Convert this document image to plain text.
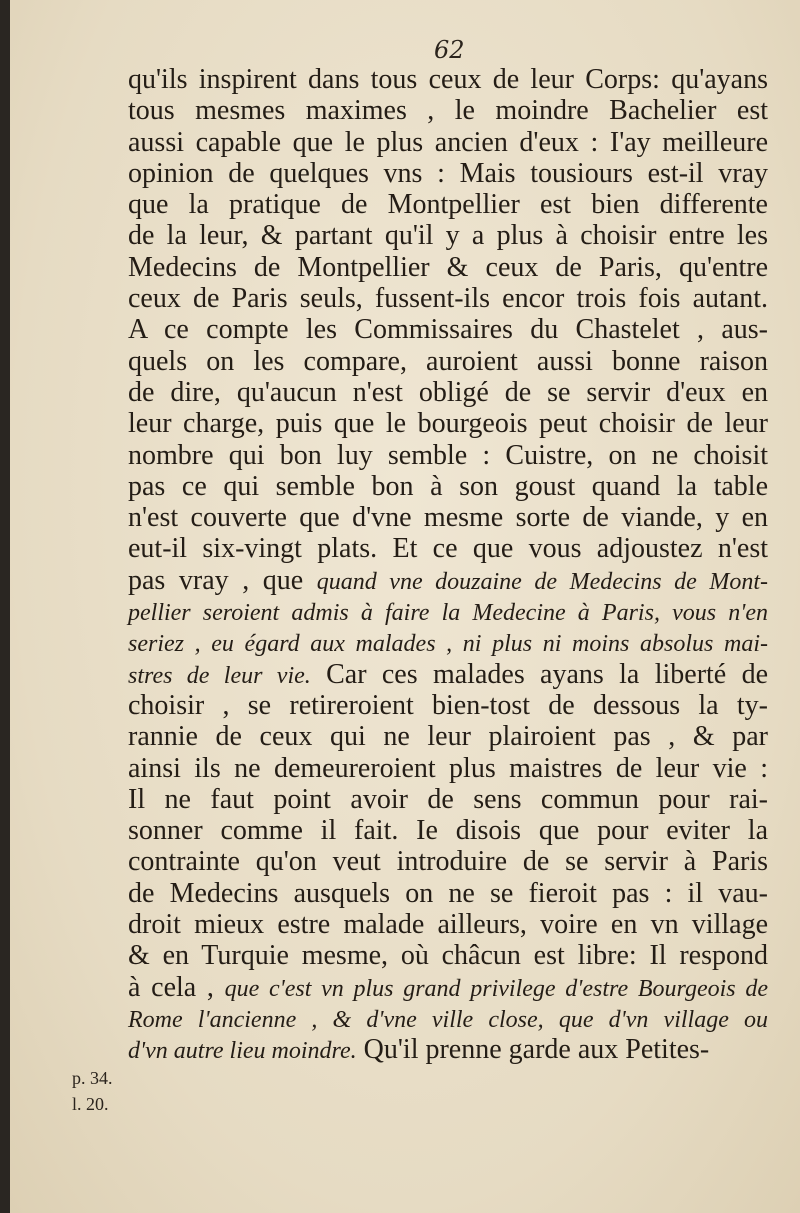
62
qu'ils inspirent dans tous ceux de leur Corps: qu'ayans
tous mesmes maximes , le moindre Bachelier est
aussi capable que le plus ancien d'eux : I'ay meilleure
opinion de quelques vns : Mais tousiours est-il vray
que la pratique de Montpellier est bien differente
de la leur, & partant qu'il y a plus à choisir entre les
Medecins de Montpellier & ceux de Paris, qu'entre
ceux de Paris seuls, fussent-ils encor trois fois autant.
A ce compte les Commissaires du Chastelet , aus-
quels on les compare, auroient aussi bonne raison
de dire, qu'aucun n'est obligé de se servir d'eux en
leur charge, puis que le bourgeois peut choisir de leur
nombre qui bon luy semble : Cuistre, on ne choisit
pas ce qui semble bon à son goust quand la table
n'est couverte que d'vne mesme sorte de viande, y en
eut-il six-vingt plats. Et ce que vous adjoustez n'est
pas vray , que quand vne douzaine de Medecins de Mont-
pellier seroient admis à faire la Medecine à Paris, vous n'en
seriez , eu égard aux malades , ni plus ni moins absolus mai-
stres de leur vie. Car ces malades ayans la liberté de
choisir , se retireroient bien-tost de dessous la ty-
rannie de ceux qui ne leur plairoient pas , & par
ainsi ils ne demeureroient plus maistres de leur vie :
Il ne faut point avoir de sens commun pour rai-
sonner comme il fait. Ie disois que pour eviter la
contrainte qu'on veut introduire de se servir à Paris
de Medecins ausquels on ne se fieroit pas : il vau-
droit mieux estre malade ailleurs, voire en vn village
& en Turquie mesme, où châcun est libre: Il respond
à cela , que c'est vn plus grand privilege d'estre Bourgeois de
Rome l'ancienne , & d'vne ville close, que d'vn village ou
d'vn autre lieu moindre. Qu'il prenne garde aux Petites-
p. 34.
l. 20.
